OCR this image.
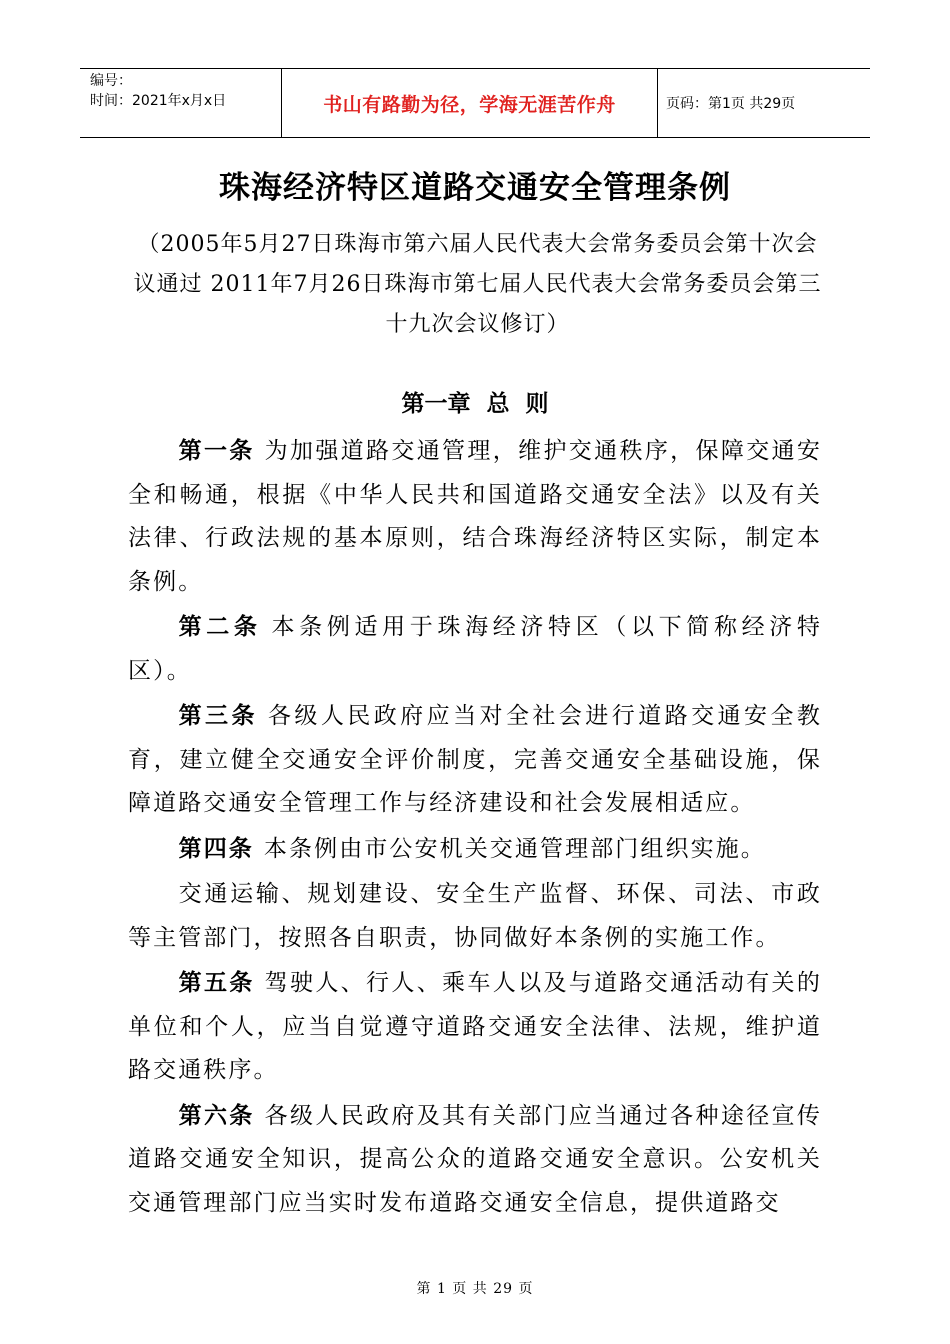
编号：
时间：2021年x月x日	书山有路勤为径，学海无涯苦作舟	页码：第1页 共29页
珠海经济特区道路交通安全管理条例
（2005年5月27日珠海市第六届人民代表大会常务委员会第十次会议通过 2011年7月26日珠海市第七届人民代表大会常务委员会第三十九次会议修订）
第一章 总 则

第一条 为加强道路交通管理，维护交通秩序，保障交通安全和畅通，根据《中华人民共和国道路交通安全法》以及有关法律、行政法规的基本原则，结合珠海经济特区实际，制定本条例。

第二条 本条例适用于珠海经济特区（以下简称经济特区）。

第三条 各级人民政府应当对全社会进行道路交通安全教育，建立健全交通安全评价制度，完善交通安全基础设施，保障道路交通安全管理工作与经济建设和社会发展相适应。

第四条 本条例由市公安机关交通管理部门组织实施。

交通运输、规划建设、安全生产监督、环保、司法、市政等主管部门，按照各自职责，协同做好本条例的实施工作。

第五条 驾驶人、行人、乘车人以及与道路交通活动有关的单位和个人，应当自觉遵守道路交通安全法律、法规，维护道路交通秩序。

第六条 各级人民政府及其有关部门应当通过各种途径宣传道路交通安全知识，提高公众的道路交通安全意识。公安机关交通管理部门应当实时发布道路交通安全信息，提供道路交

第 1 页 共 29 页
